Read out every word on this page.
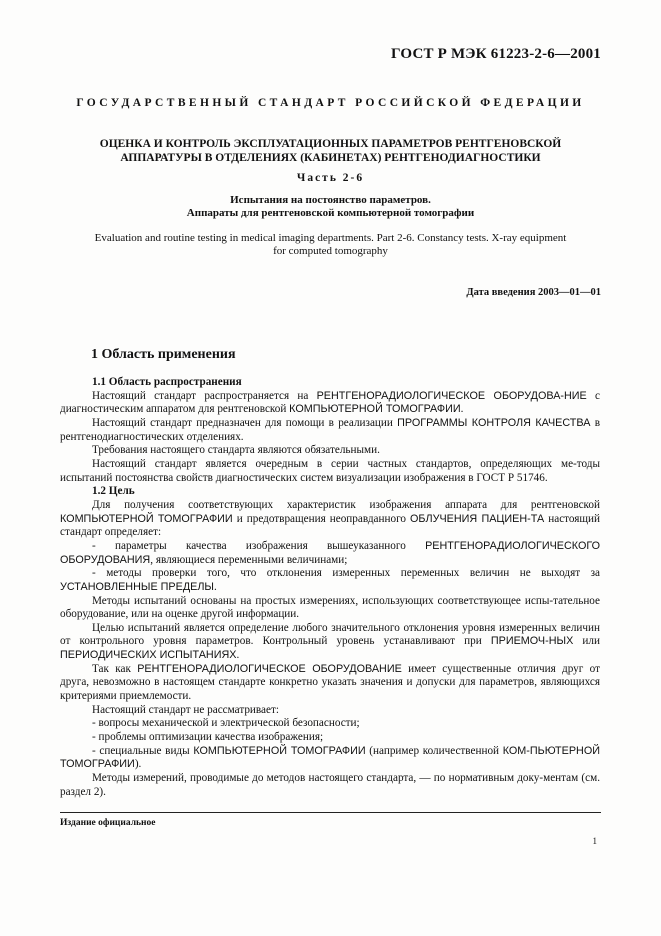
ГОСТ Р МЭК 61223-2-6—2001
ГОСУДАРСТВЕННЫЙ СТАНДАРТ РОССИЙСКОЙ ФЕДЕРАЦИИ
ОЦЕНКА И КОНТРОЛЬ ЭКСПЛУАТАЦИОННЫХ ПАРАМЕТРОВ РЕНТГЕНОВСКОЙ
АППАРАТУРЫ В ОТДЕЛЕНИЯХ (КАБИНЕТАХ) РЕНТГЕНОДИАГНОСТИКИ
Часть 2-6
Испытания на постоянство параметров.
Аппараты для рентгеновской компьютерной томографии
Evaluation and routine testing in medical imaging departments. Part 2-6. Constancy tests. X-ray equipment
for computed tomography
Дата введения 2003—01—01
1 Область применения

1.1 Область распространения

Настоящий стандарт распространяется на РЕНТГЕНОРАДИОЛОГИЧЕСКОЕ ОБОРУДОВА-НИЕ с диагностическим аппаратом для рентгеновской КОМПЬЮТЕРНОЙ ТОМОГРАФИИ.

Настоящий стандарт предназначен для помощи в реализации ПРОГРАММЫ КОНТРОЛЯ КАЧЕСТВА в рентгенодиагностических отделениях.

Требования настоящего стандарта являются обязательными.

Настоящий стандарт является очередным в серии частных стандартов, определяющих ме-тоды испытаний постоянства свойств диагностических систем визуализации изображения в ГОСТ Р 51746.

1.2 Цель

Для получения соответствующих характеристик изображения аппарата для рентгеновской КОМПЬЮТЕРНОЙ ТОМОГРАФИИ и предотвращения неоправданного ОБЛУЧЕНИЯ ПАЦИЕН-ТА настоящий стандарт определяет:

- параметры качества изображения вышеуказанного РЕНТГЕНОРАДИОЛОГИЧЕСКОГО ОБОРУДОВАНИЯ, являющиеся переменными величинами;

- методы проверки того, что отклонения измеренных переменных величин не выходят за УСТАНОВЛЕННЫЕ ПРЕДЕЛЫ.

Методы испытаний основаны на простых измерениях, использующих соответствующее испы-тательное оборудование, или на оценке другой информации.

Целью испытаний является определение любого значительного отклонения уровня измеренных величин от контрольного уровня параметров. Контрольный уровень устанавливают при ПРИЕМОЧ-НЫХ или ПЕРИОДИЧЕСКИХ ИСПЫТАНИЯХ.

Так как РЕНТГЕНОРАДИОЛОГИЧЕСКОЕ ОБОРУДОВАНИЕ имеет существенные отличия друг от друга, невозможно в настоящем стандарте конкретно указать значения и допуски для параметров, являющихся критериями приемлемости.

Настоящий стандарт не рассматривает:

- вопросы механической и электрической безопасности;

- проблемы оптимизации качества изображения;

- специальные виды КОМПЬЮТЕРНОЙ ТОМОГРАФИИ (например количественной КОМ-ПЬЮТЕРНОЙ ТОМОГРАФИИ).

Методы измерений, проводимые до методов настоящего стандарта, — по нормативным доку-ментам (см. раздел 2).

Издание официальное
1
